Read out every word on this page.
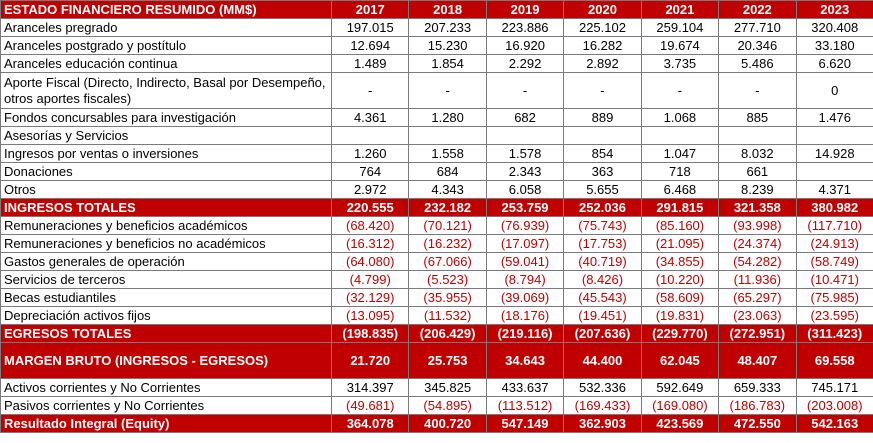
ESTADO FINANCIERO RESUMIDO (MM$)	2017	2018	2019	2020	2021	2022	2023
Aranceles pregrado	197.015	207.233	223.886	225.102	259.104	277.710	320.408
Aranceles postgrado y postítulo	12.694	15.230	16.920	16.282	19.674	20.346	33.180
Aranceles educación continua	1.489	1.854	2.292	2.892	3.735	5.486	6.620
Aporte Fiscal (Directo, Indirecto, Basal por Desempeño, otros aportes fiscales)	-	-	-	-	-	-	0
Fondos concursables para investigación	4.361	1.280	682	889	1.068	885	1.476
Asesorías y Servicios							
Ingresos por ventas o inversiones	1.260	1.558	1.578	854	1.047	8.032	14.928
Donaciones	764	684	2.343	363	718	661	
Otros	2.972	4.343	6.058	5.655	6.468	8.239	4.371
INGRESOS TOTALES	220.555	232.182	253.759	252.036	291.815	321.358	380.982
Remuneraciones y beneficios académicos	(68.420)	(70.121)	(76.939)	(75.743)	(85.160)	(93.998)	(117.710)
Remuneraciones y beneficios no académicos	(16.312)	(16.232)	(17.097)	(17.753)	(21.095)	(24.374)	(24.913)
Gastos generales de operación	(64.080)	(67.066)	(59.041)	(40.719)	(34.855)	(54.282)	(58.749)
Servicios de terceros	(4.799)	(5.523)	(8.794)	(8.426)	(10.220)	(11.936)	(10.471)
Becas estudiantiles	(32.129)	(35.955)	(39.069)	(45.543)	(58.609)	(65.297)	(75.985)
Depreciación activos fijos	(13.095)	(11.532)	(18.176)	(19.451)	(19.831)	(23.063)	(23.595)
EGRESOS TOTALES	(198.835)	(206.429)	(219.116)	(207.636)	(229.770)	(272.951)	(311.423)
MARGEN BRUTO (INGRESOS - EGRESOS)	21.720	25.753	34.643	44.400	62.045	48.407	69.558
Activos corrientes y No Corrientes	314.397	345.825	433.637	532.336	592.649	659.333	745.171
Pasivos corrientes y No Corrientes	(49.681)	(54.895)	(113.512)	(169.433)	(169.080)	(186.783)	(203.008)
Resultado Integral (Equity)	364.078	400.720	547.149	362.903	423.569	472.550	542.163
